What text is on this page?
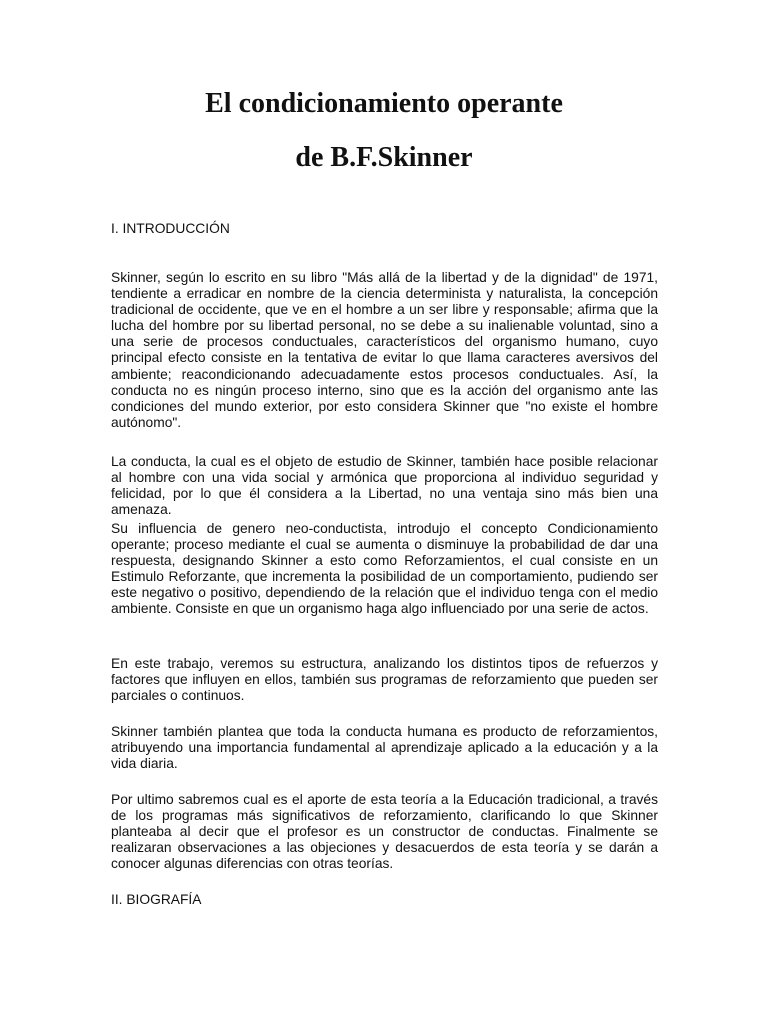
El condicionamiento operante
de B.F.Skinner
I. INTRODUCCIÓN

Skinner, según lo escrito en su libro "Más allá de la libertad y de la dignidad" de 1971, tendiente a erradicar en nombre de la ciencia determinista y naturalista, la concepción tradicional de occidente, que ve en el hombre a un ser libre y responsable; afirma que la lucha del hombre por su libertad personal, no se debe a su inalienable voluntad, sino a una serie de procesos conductuales, característicos del organismo humano, cuyo principal efecto consiste en la tentativa de evitar lo que llama caracteres aversivos del ambiente; reacondicionando adecuadamente estos procesos conductuales. Así, la conducta no es ningún proceso interno, sino que es la acción del organismo ante las condiciones del mundo exterior, por esto considera Skinner que "no existe el hombre autónomo".

La conducta, la cual es el objeto de estudio de Skinner, también hace posible relacionar al hombre con una vida social y armónica que proporciona al individuo seguridad y felicidad, por lo que él considera a la Libertad, no una ventaja sino más bien una amenaza.

Su influencia de genero neo-conductista, introdujo el concepto Condicionamiento operante; proceso mediante el cual se aumenta o disminuye la probabilidad de dar una respuesta, designando Skinner a esto como Reforzamientos, el cual consiste en un Estimulo Reforzante, que incrementa la posibilidad de un comportamiento, pudiendo ser este negativo o positivo, dependiendo de la relación que el individuo tenga con el medio ambiente. Consiste en que un organismo haga algo influenciado por una serie de actos.

En este trabajo, veremos su estructura, analizando los distintos tipos de refuerzos y factores que influyen en ellos, también sus programas de reforzamiento que pueden ser parciales o continuos.

Skinner también plantea que toda la conducta humana es producto de reforzamientos, atribuyendo una importancia fundamental al aprendizaje aplicado a la educación y a la vida diaria.

Por ultimo sabremos cual es el aporte de esta teoría a la Educación tradicional, a través de los programas más significativos de reforzamiento, clarificando lo que Skinner planteaba al decir que el profesor es un constructor de conductas. Finalmente se realizaran observaciones a las objeciones y desacuerdos de esta teoría y se darán a conocer algunas diferencias con otras teorías.

II. BIOGRAFÍA
